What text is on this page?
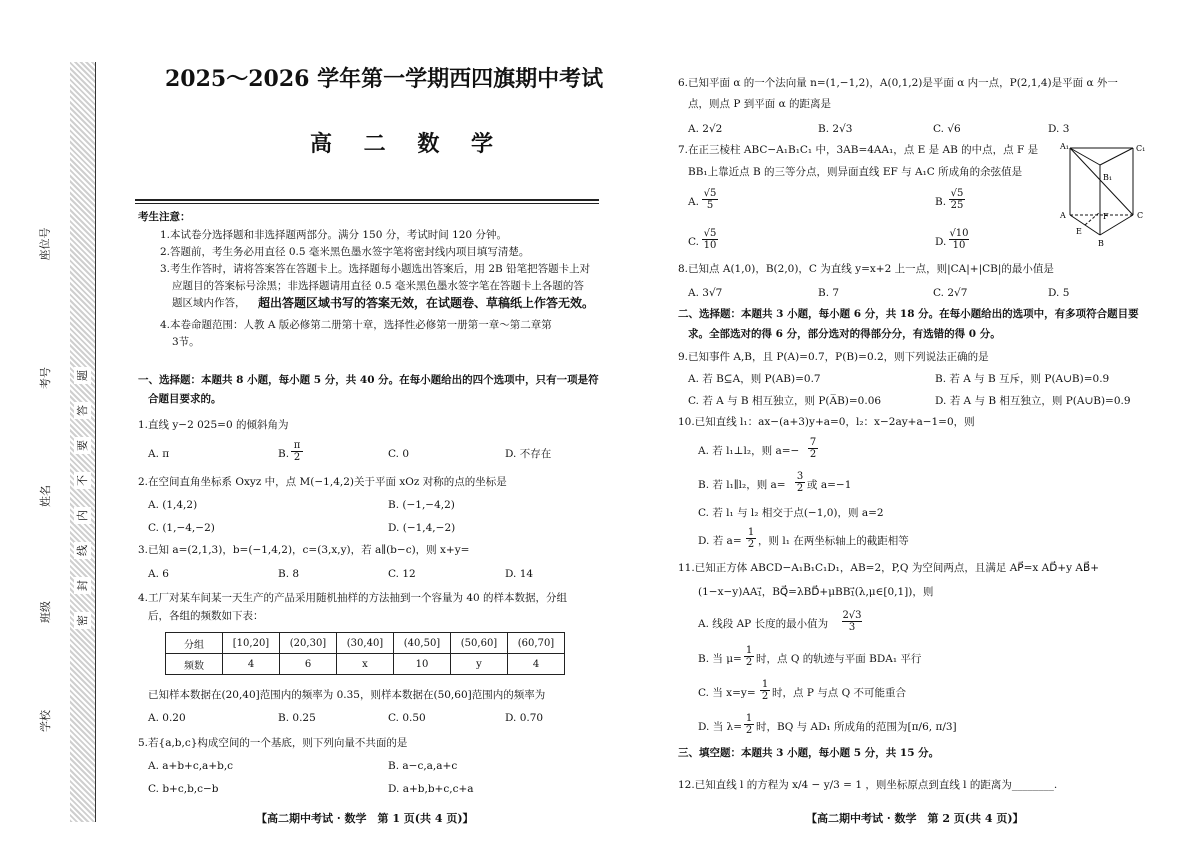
题
答
要
不
内
线
封
密
座位号
考号
姓名
班级
学校
2025～2026 学年第一学期西四旗期中考试
高 二 数 学
考生注意：
1.本试卷分选择题和非选择题两部分。满分 150 分，考试时间 120 分钟。
2.答题前，考生务必用直径 0.5 毫米黑色墨水签字笔将密封线内项目填写清楚。
3.考生作答时，请将答案答在答题卡上。选择题每小题选出答案后，用 2B 铅笔把答题卡上对
应题目的答案标号涂黑；非选择题请用直径 0.5 毫米黑色墨水签字笔在答题卡上各题的答
题区域内作答， 超出答题区域书写的答案无效，在试题卷、草稿纸上作答无效。
4.本卷命题范围：人教 A 版必修第二册第十章，选择性必修第一册第一章～第二章第
3节。
一、选择题：本题共 8 小题，每小题 5 分，共 40 分。在每小题给出的四个选项中，只有一项是符
合题目要求的。
1.直线 y−2 025=0 的倾斜角为
A. π	B.
π
2	C. 0	D. 不存在
2.在空间直角坐标系 Oxyz 中，点 M(−1,4,2)关于平面 xOz 对称的点的坐标是
A. (1,4,2)	B. (−1,−4,2)
C. (1,−4,−2)	D. (−1,4,−2)
3.已知 a=(2,1,3)，b=(−1,4,2)，c=(3,x,y)，若 a∥(b−c)，则 x+y=
A. 6	B. 8	C. 12	D. 14
4.工厂对某车间某一天生产的产品采用随机抽样的方法抽到一个容量为 40 的样本数据，分组
后，各组的频数如下表：
分组	[10,20]	(20,30]	(30,40]	(40,50]	(50,60]	(60,70]
频数	4	6	x	10	y	4
已知样本数据在(20,40]范围内的频率为 0.35，则样本数据在(50,60]范围内的频率为
A. 0.20	B. 0.25	C. 0.50	D. 0.70
5.若{a,b,c}构成空间的一个基底，则下列向量不共面的是
A. a+b+c,a+b,c	B. a−c,a,a+c
C. b+c,b,c−b	D. a+b,b+c,c+a
【高二期中考试 · 数学　第 1 页(共 4 页)】
6.已知平面 α 的一个法向量 n=(1,−1,2)，A(0,1,2)是平面 α 内一点，P(2,1,4)是平面 α 外一
点，则点 P 到平面 α 的距离是
A. 2√2	B. 2√3	C. √6	D. 3
7.在正三棱柱 ABC−A₁B₁C₁ 中，3AB=4AA₁，点 E 是 AB 的中点，点 F 是
BB₁上靠近点 B 的三等分点，则异面直线 EF 与 A₁C 所成角的余弦值是
A.
√5
5	B.
√5
25
C.
√5
10	D.
√10
10
A₁	C₁
B₁
A	C
F
E
B
8.已知点 A(1,0)，B(2,0)，C 为直线 y=x+2 上一点，则|CA|+|CB|的最小值是
A. 3√7	B. 7	C. 2√7	D. 5
二、选择题：本题共 3 小题，每小题 6 分，共 18 分。在每小题给出的选项中，有多项符合题目要
求。全部选对的得 6 分，部分选对的得部分分，有选错的得 0 分。
9.已知事件 A,B，且 P(A)=0.7，P(B)=0.2，则下列说法正确的是
A. 若 B⊆A，则 P(AB)=0.7	B. 若 A 与 B 互斥，则 P(A∪B)=0.9
C. 若 A 与 B 相互独立，则 P(A̅B)=0.06	D. 若 A 与 B 相互独立，则 P(A∪B)=0.9
10.已知直线 l₁：ax−(a+3)y+a=0，l₂：x−2ay+a−1=0，则
A. 若 l₁⊥l₂，则 a=−
7
2
B. 若 l₁∥l₂，则 a=
3
2 或 a=−1
C. 若 l₁ 与 l₂ 相交于点(−1,0)，则 a=2
D. 若 a=
1
2 ，则 l₁ 在两坐标轴上的截距相等
11.已知正方体 ABCD−A₁B₁C₁D₁，AB=2，P,Q 为空间两点，且满足 AP⃗=x AD⃗+y AB⃗+
(1−x−y)AA₁⃗，BQ⃗=λBD⃗+μBB₁⃗(λ,μ∈[0,1])，则
A. 线段 AP 长度的最小值为
2√3
3
B. 当 μ=
1
2 时，点 Q 的轨迹与平面 BDA₁ 平行
C. 当 x=y=
1
2 时，点 P 与点 Q 不可能重合
D. 当 λ=
1
2 时，BQ 与 AD₁ 所成角的范围为[π/6, π/3]
三、填空题：本题共 3 小题，每小题 5 分，共 15 分。
12.已知直线 l 的方程为 x/4 − y/3 = 1 ，则坐标原点到直线 l 的距离为________.
【高二期中考试 · 数学　第 2 页(共 4 页)】
